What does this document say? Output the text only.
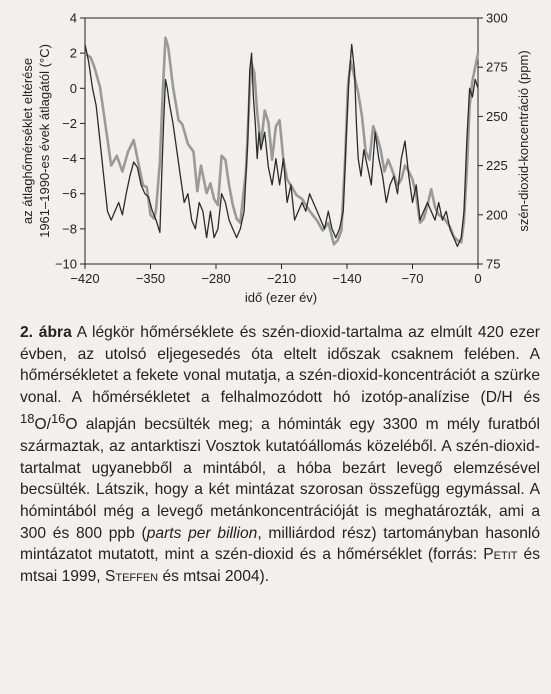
−420	−350	−280	−210	−140	−70	0
4
2
0
−2
−4
−6
−8
−10
300
275
250
225
200
75
idő (ezer év)
az átlaghőmérséklet eltérése 1961–1990-es évek átlagától (°C)	szén-dioxid-koncentráció (ppm)

2. ábra A légkör hőmérséklete és szén-dioxid-tartalma az elmúlt 420 ezer évben, az utolsó eljegesedés óta eltelt időszak csaknem felében. A hőmérsékletet a fekete vonal mutatja, a szén-dioxid-koncentrációt a szürke vonal. A hőmérsékletet a felhalmozódott hó izotóp-analízise (D/H és $^{18}$O/$^{16}$O alapján becsülték meg; a hóminták egy 3300 m mély furatból származtak, az antarktiszi Vosztok kutatóállomás közeléből. A szén-dioxid-tartalmat ugyanebből a mintából, a hóba bezárt levegő elemzésével becsülték. Látszik, hogy a két mintázat szorosan összefügg egymással. A hómintából még a levegő metánkoncentrációját is meghatározták, ami a 300 és 800 ppb (parts per billion, milliárdod rész) tartományban hasonló mintázatot mutatott, mint a szén-dioxid és a hőmérséklet (forrás: Petit és mtsai 1999, Steffen és mtsai 2004).
